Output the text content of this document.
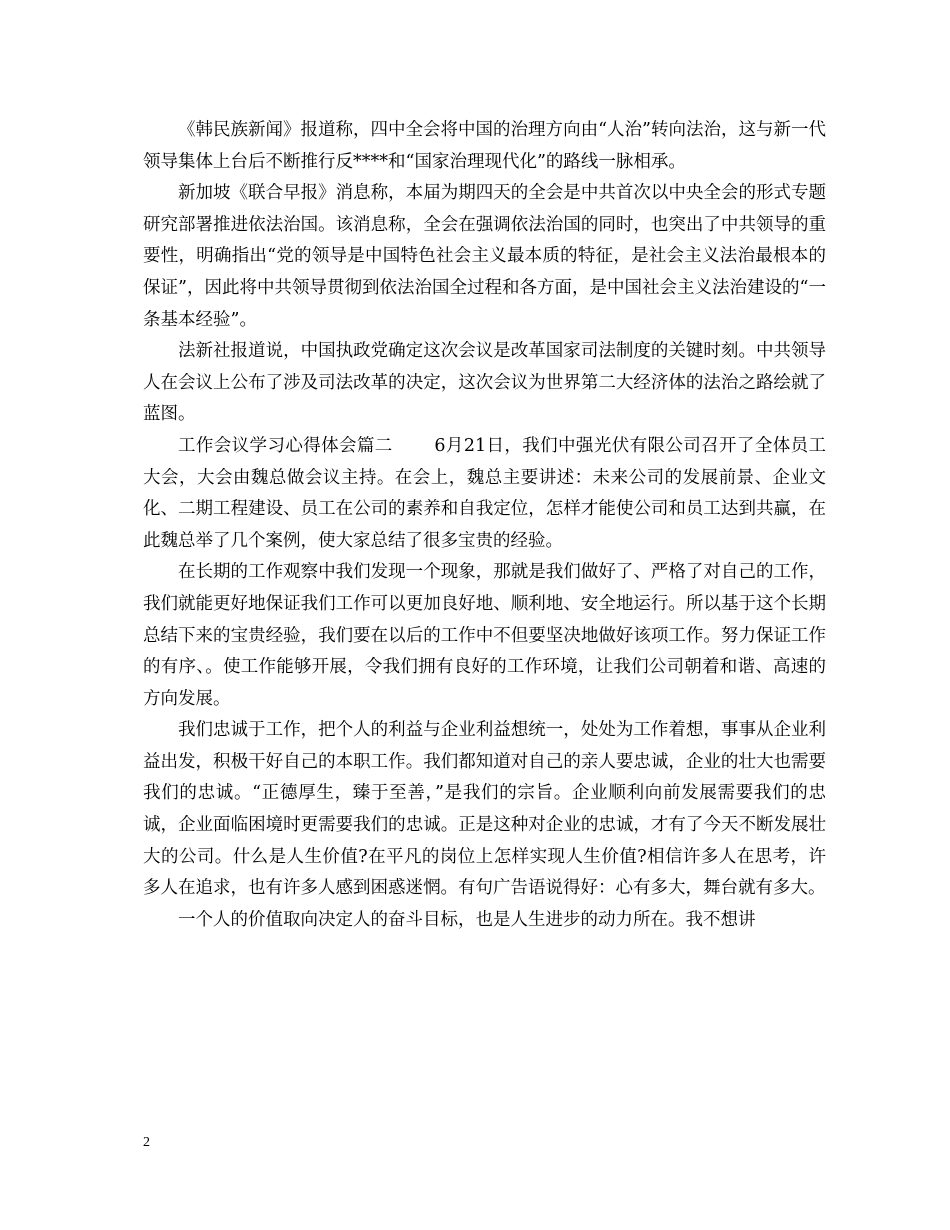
《韩民族新闻》报道称，四中全会将中国的治理方向由“人治”转向法治，这与新一代领导集体上台后不断推行反****和“国家治理现代化”的路线一脉相承。

新加坡《联合早报》消息称，本届为期四天的全会是中共首次以中央全会的形式专题研究部署推进依法治国。该消息称，全会在强调依法治国的同时，也突出了中共领导的重要性，明确指出“党的领导是中国特色社会主义最本质的特征，是社会主义法治最根本的保证”，因此将中共领导贯彻到依法治国全过程和各方面，是中国社会主义法治建设的“一条基本经验”。

法新社报道说，中国执政党确定这次会议是改革国家司法制度的关键时刻。中共领导人在会议上公布了涉及司法改革的决定，这次会议为世界第二大经济体的法治之路绘就了蓝图。

工作会议学习心得体会篇二　　 6月21日，我们中强光伏有限公司召开了全体员工大会，大会由魏总做会议主持。在会上，魏总主要讲述：未来公司的发展前景、企业文化、二期工程建设、员工在公司的素养和自我定位，怎样才能使公司和员工达到共赢，在此魏总举了几个案例，使大家总结了很多宝贵的经验。

在长期的工作观察中我们发现一个现象，那就是我们做好了、严格了对自己的工作，我们就能更好地保证我们工作可以更加良好地、顺利地、安全地运行。所以基于这个长期总结下来的宝贵经验，我们要在以后的工作中不但要坚决地做好该项工作。努力保证工作的有序、。使工作能够开展，令我们拥有良好的工作环境，让我们公司朝着和谐、高速的方向发展。

我们忠诚于工作，把个人的利益与企业利益想统一，处处为工作着想，事事从企业利益出发，积极干好自己的本职工作。我们都知道对自己的亲人要忠诚，企业的壮大也需要我们的忠诚。“正德厚生，臻于至善，”是我们的宗旨。企业顺利向前发展需要我们的忠诚，企业面临困境时更需要我们的忠诚。正是这种对企业的忠诚，才有了今天不断发展壮大的公司。什么是人生价值?在平凡的岗位上怎样实现人生价值?相信许多人在思考，许多人在追求，也有许多人感到困惑迷惘。有句广告语说得好：心有多大，舞台就有多大。

一个人的价值取向决定人的奋斗目标，也是人生进步的动力所在。我不想讲

2
